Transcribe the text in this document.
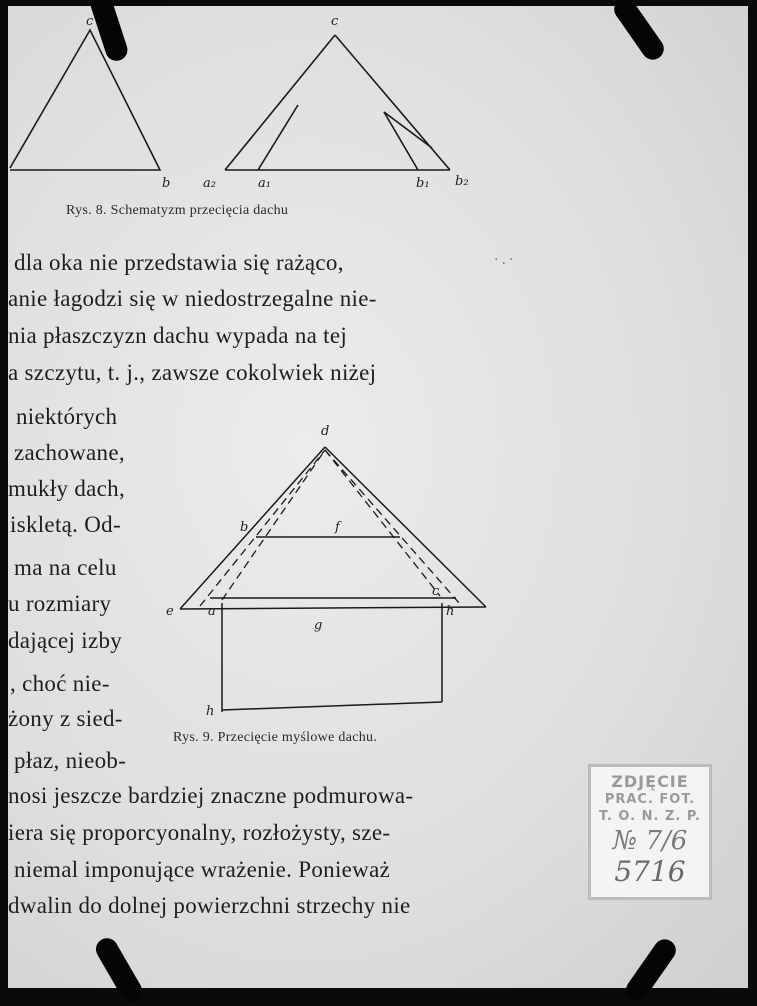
c	c
b	a₂	a₁	b₁ b₂
Rys. 8. Schematyzm przecięcia dachu
·.·
dla oka nie przedstawia się rażąco,
anie łagodzi się w niedostrzegalne nie-
nia płaszczyzn dachu wypada na tej
a szczytu, t. j., zawsze cokolwiek niżej
niektórych
zachowane,
mukły dach,
iskletą. Od-
ma na celu
u rozmiary
dającej izby
, choć nie-
żony z sied-
płaz, nieob-
d
b	f
e	a
c
h
g
h
Rys. 9. Przecięcie myślowe dachu.
nosi jeszcze bardziej znaczne podmurowa-
iera się proporcyonalny, rozłożysty, sze-
niemal imponujące wrażenie. Ponieważ
dwalin do dolnej powierzchni strzechy nie
ZDJĘCIE
PRAC. FOT.
T. O. N. Z. P.
№ 7/6
5716
